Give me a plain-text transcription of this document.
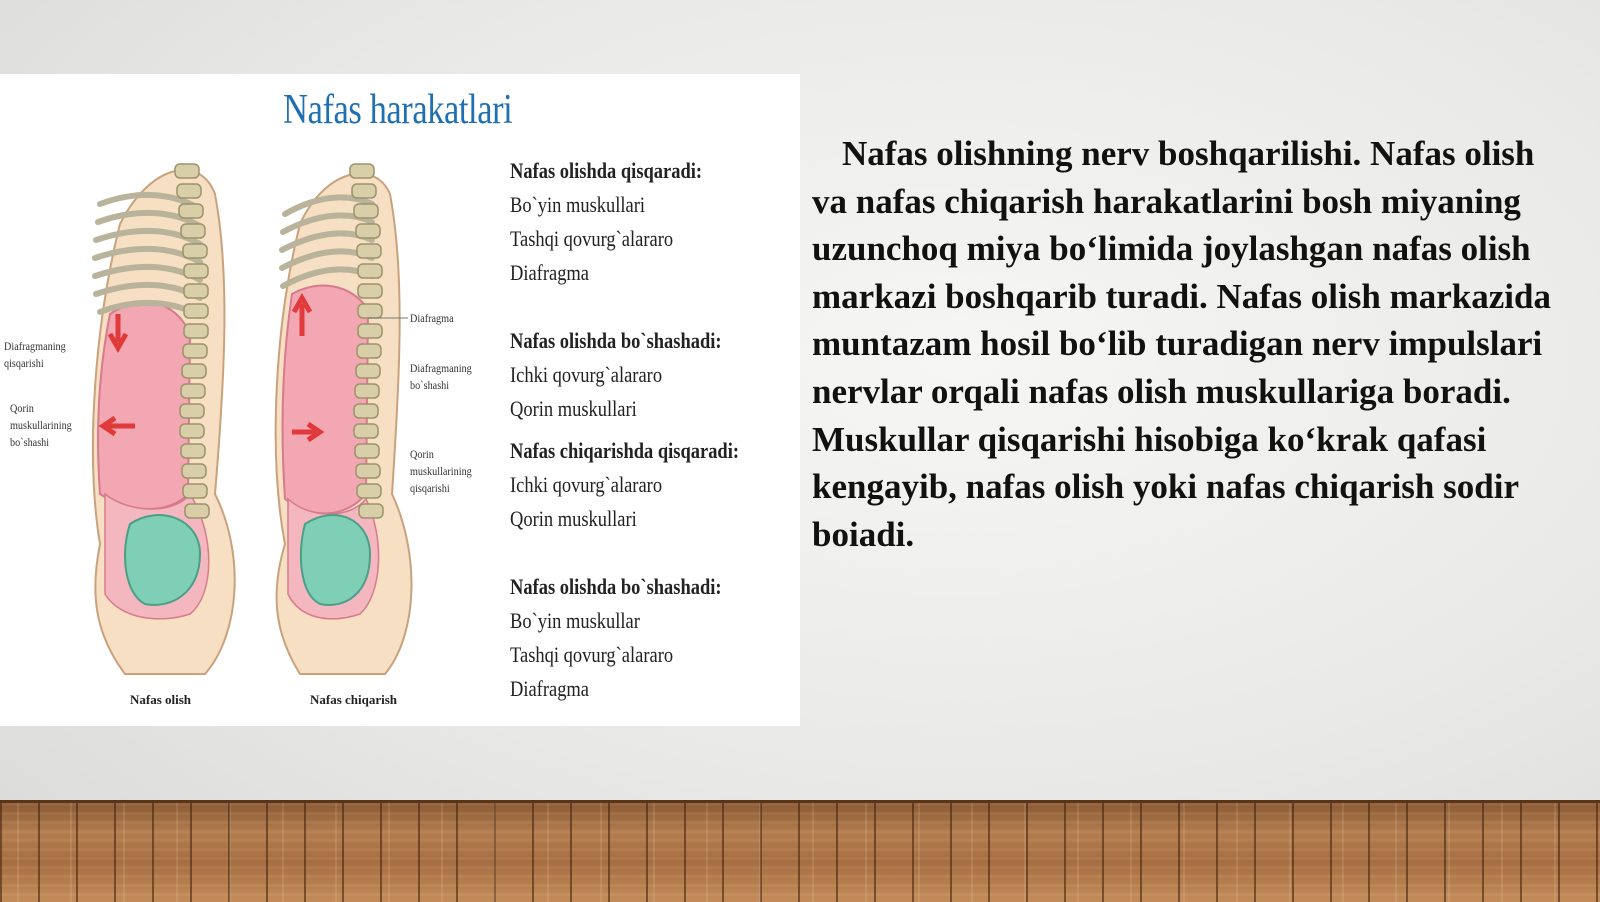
Nafas harakatlari
Diafragmaning
qisqarishi
Qorin
muskullarining
bo`shashi
Diafragma
Diafragmaning
bo`shashi
Qorin
muskullarining
qisqarishi
Nafas olish	Nafas chiqarish
Nafas olishda qisqaradi:
Bo`yin muskullari
Tashqi qovurg`alararo
Diafragma
Nafas olishda bo`shashadi:
Ichki qovurg`alararo
Qorin muskullari
Nafas chiqarishda qisqaradi:
Ichki qovurg`alararo
Qorin muskullari
Nafas olishda bo`shashadi:
Bo`yin muskullar
Tashqi qovurg`alararo
Diafragma
Nafas olishning nerv boshqarilishi. Nafas olish va nafas chiqarish harakatlarini bosh miyaning uzunchoq miya bo‘limida joylashgan nafas olish markazi boshqarib turadi. Nafas olish markazida muntazam hosil bo‘lib turadigan nerv impulslari nervlar orqali nafas olish muskullariga boradi. Muskullar qisqarishi hisobiga ko‘krak qafasi kengayib, nafas olish yoki nafas chiqarish sodir boiadi.
